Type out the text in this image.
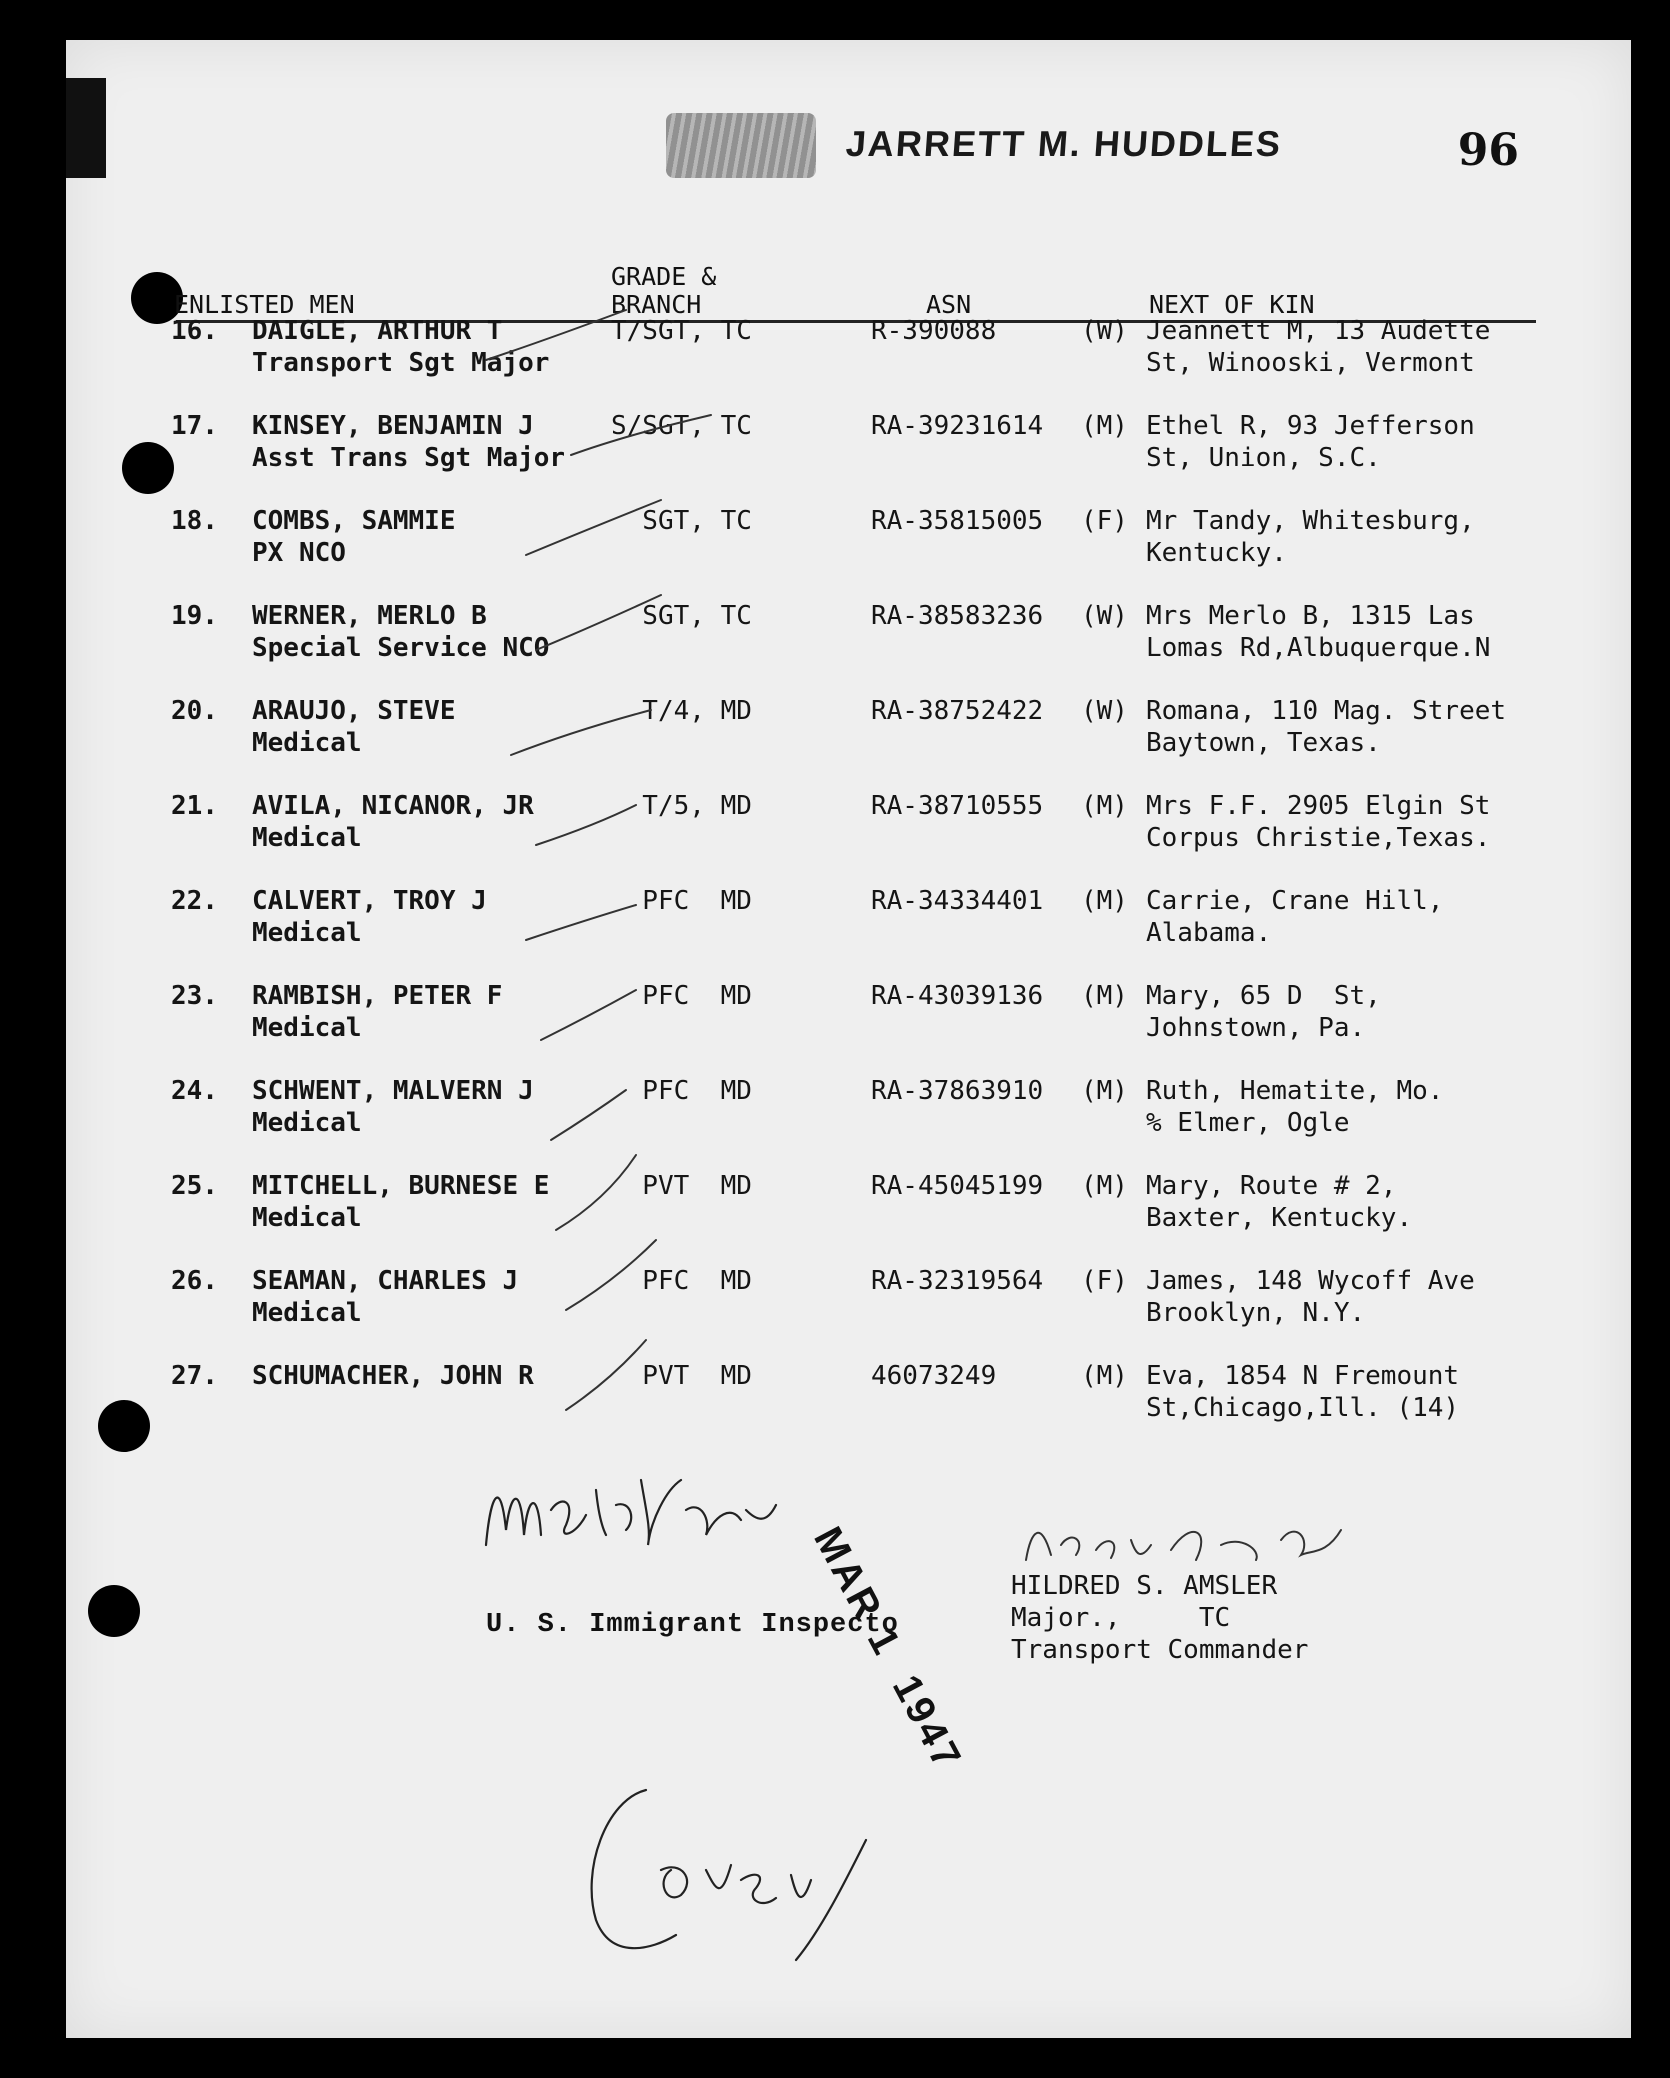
JARRETT M. HUDDLES	96
ENLISTED MEN
GRADE &
BRANCH	ASN	NEXT OF KIN
16. DAIGLE, ARTHUR T
Transport Sgt Major
T/SGT, TC	R-390088	(W) Jeannett M, 13 Audette
St, Winooski, Vermont
17. KINSEY, BENJAMIN J
Asst Trans Sgt Major
S/SGT, TC	RA-39231614 (M) Ethel R, 93 Jefferson
St, Union, S.C.
18. COMBS, SAMMIE
PX NCO
SGT, TC	RA-35815005 (F) Mr Tandy, Whitesburg,
Kentucky.
19. WERNER, MERLO B
Special Service NCO
SGT, TC	RA-38583236 (W) Mrs Merlo B, 1315 Las
Lomas Rd,Albuquerque.N
20. ARAUJO, STEVE
Medical
T/4, MD	RA-38752422 (W) Romana, 110 Mag. Street
Baytown, Texas.
21. AVILA, NICANOR, JR
Medical
T/5, MD	RA-38710555 (M) Mrs F.F. 2905 Elgin St
Corpus Christie,Texas.
22. CALVERT, TROY J
Medical
PFC  MD	RA-34334401 (M) Carrie, Crane Hill,
Alabama.
23. RAMBISH, PETER F
Medical
PFC  MD	RA-43039136 (M) Mary, 65 D  St,
Johnstown, Pa.
24. SCHWENT, MALVERN J
Medical
PFC  MD	RA-37863910 (M) Ruth, Hematite, Mo.
% Elmer, Ogle
25. MITCHELL, BURNESE E
Medical
PVT  MD	RA-45045199 (M) Mary, Route # 2,
Baxter, Kentucky.
26. SEAMAN, CHARLES J
Medical
PFC  MD	RA-32319564 (F) James, 148 Wycoff Ave
Brooklyn, N.Y.
27. SCHUMACHER, JOHN R	PVT  MD	46073249	(M) Eva, 1854 N Fremount
St,Chicago,Ill. (14)
MAR 1  1947 HILDRED S. AMSLER
Major.,     TC
Transport Commander
U. S. Immigrant Inspecto
